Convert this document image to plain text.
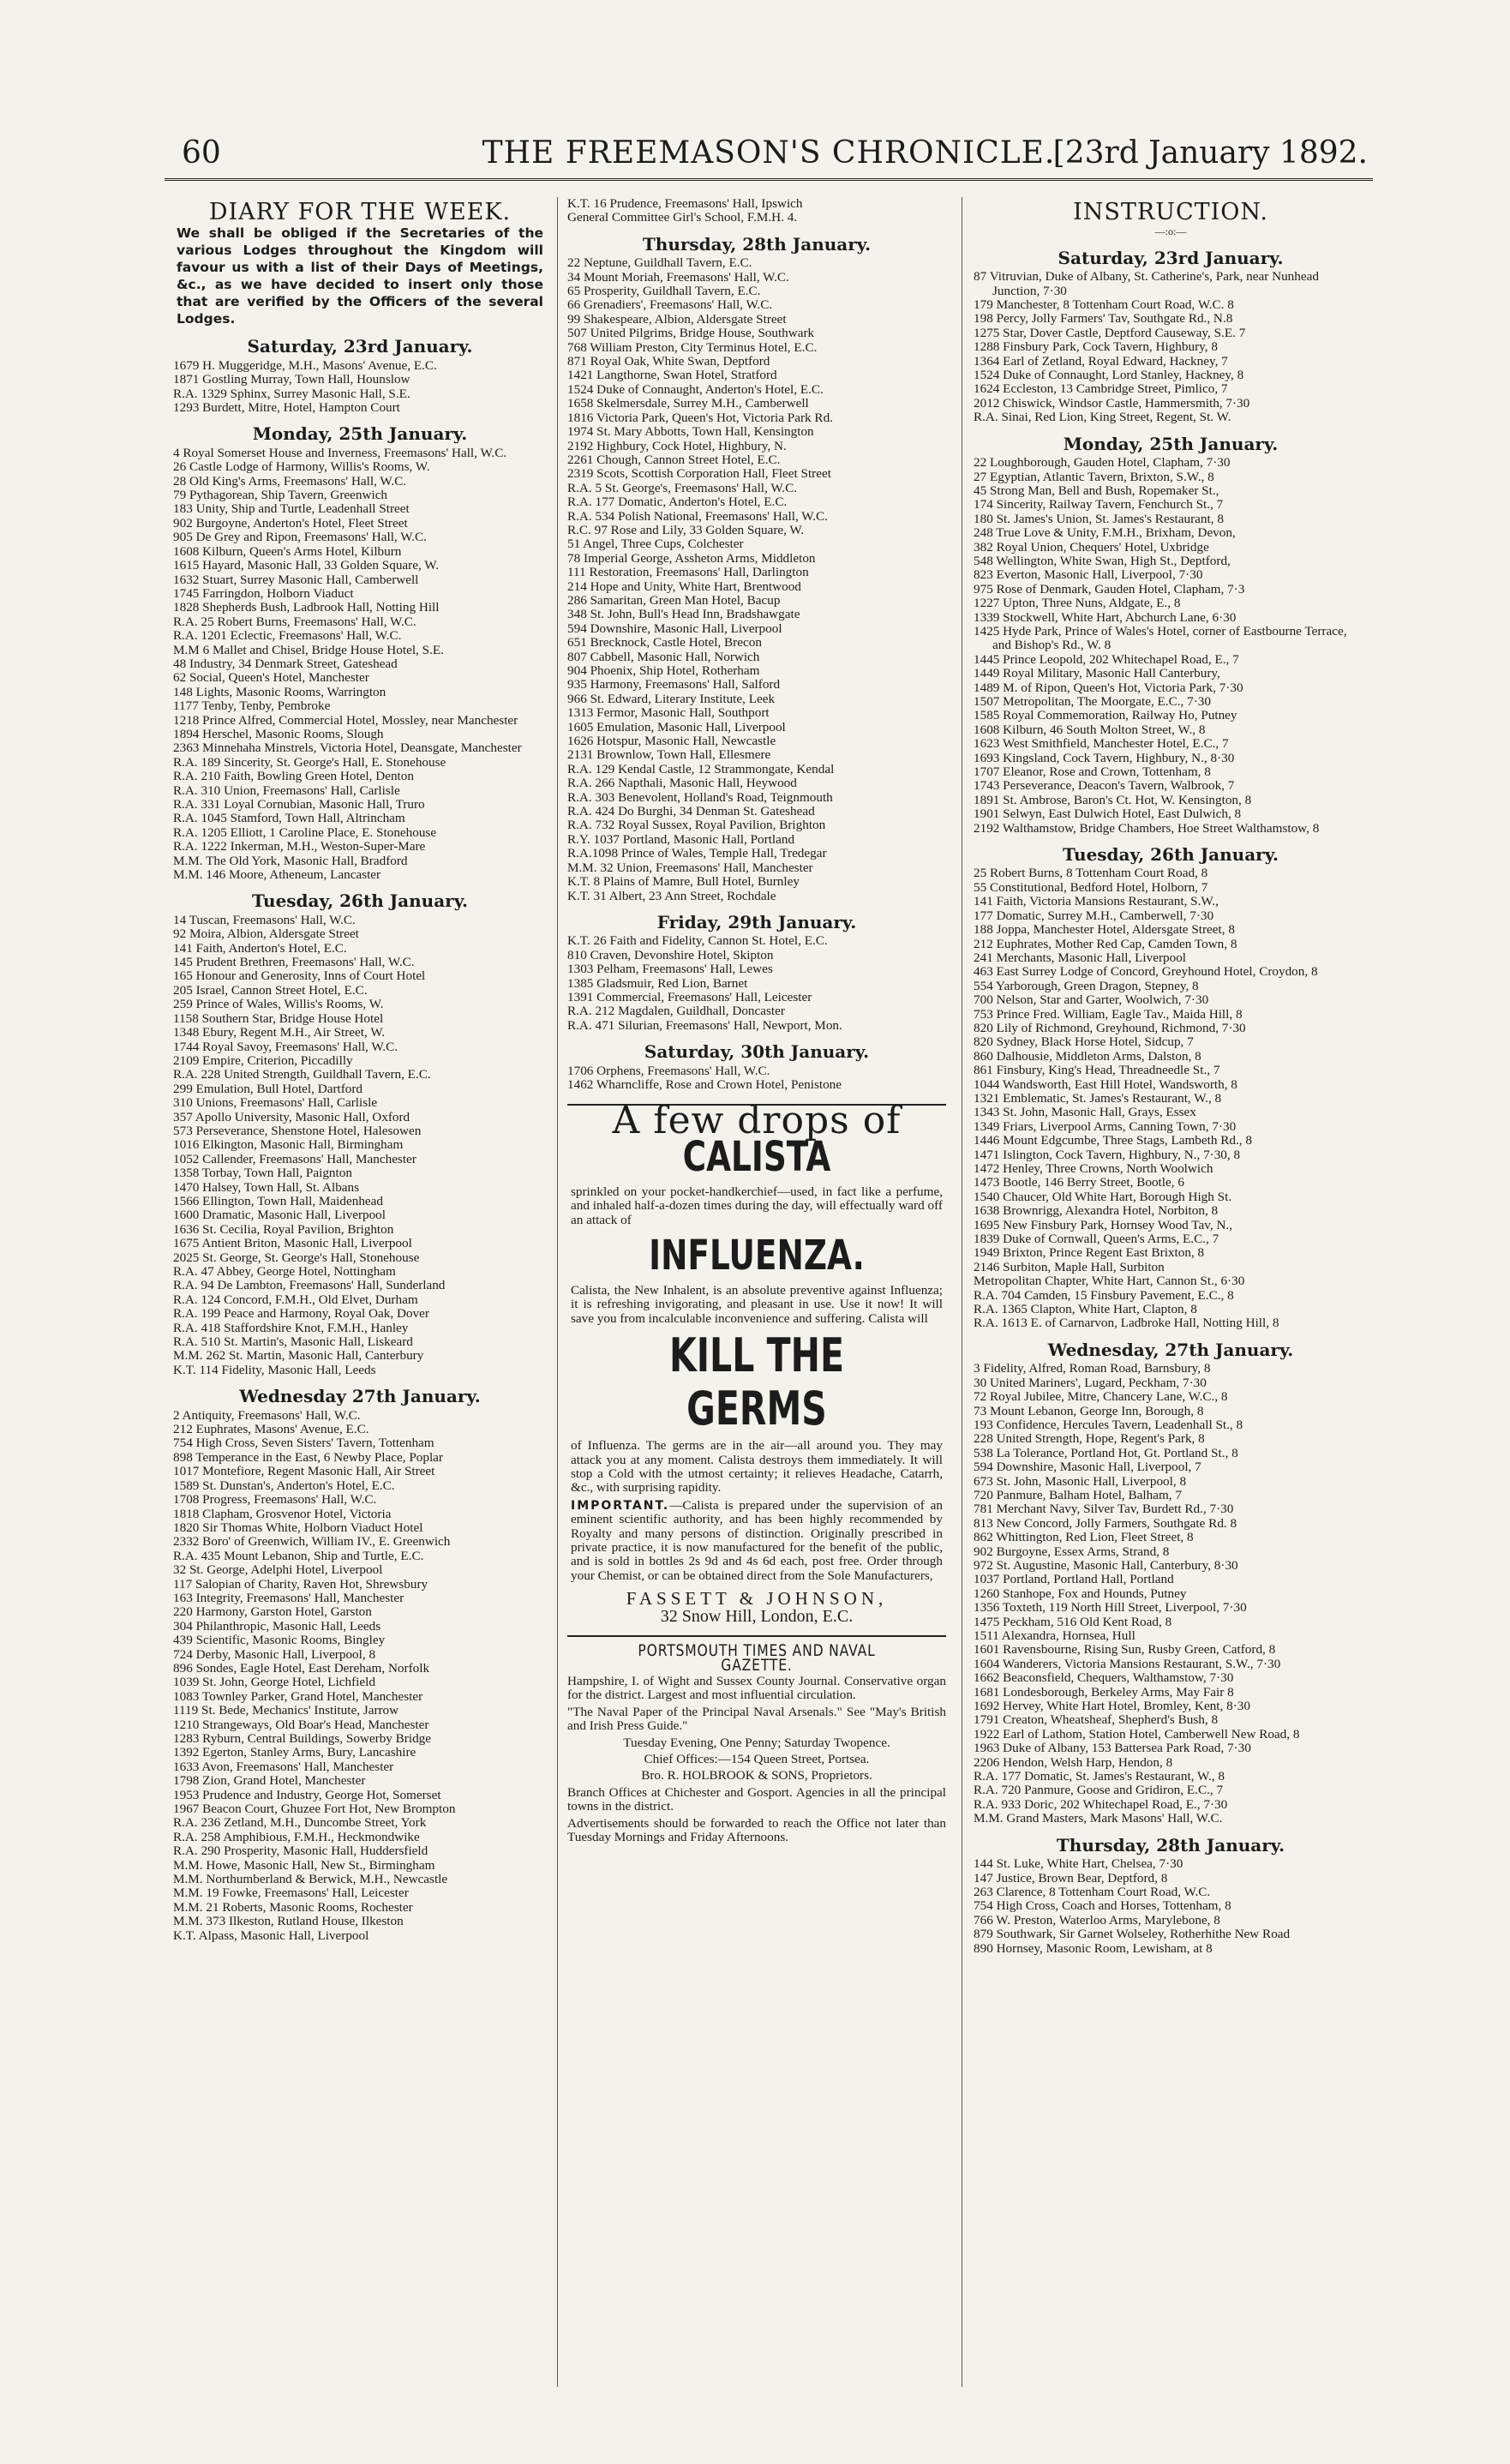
60	THE FREEMASON'S CHRONICLE.
[23rd January 1892.
DIARY FOR THE WEEK.
We shall be obliged if the Secretaries of the various Lodges throughout the Kingdom will favour us with a list of their Days of Meetings, &c., as we have decided to insert only those that are verified by the Officers of the several Lodges.
Saturday, 23rd January.
1679 H. Muggeridge, M.H., Masons' Avenue, E.C.
1871 Gostling Murray, Town Hall, Hounslow
R.A. 1329 Sphinx, Surrey Masonic Hall, S.E.
1293 Burdett, Mitre, Hotel, Hampton Court
Monday, 25th January.
4 Royal Somerset House and Inverness, Freemasons' Hall, W.C.
26 Castle Lodge of Harmony, Willis's Rooms, W.
28 Old King's Arms, Freemasons' Hall, W.C.
79 Pythagorean, Ship Tavern, Greenwich
183 Unity, Ship and Turtle, Leadenhall Street
902 Burgoyne, Anderton's Hotel, Fleet Street
905 De Grey and Ripon, Freemasons' Hall, W.C.
1608 Kilburn, Queen's Arms Hotel, Kilburn
1615 Hayard, Masonic Hall, 33 Golden Square, W.
1632 Stuart, Surrey Masonic Hall, Camberwell
1745 Farringdon, Holborn Viaduct
1828 Shepherds Bush, Ladbrook Hall, Notting Hill
R.A. 25 Robert Burns, Freemasons' Hall, W.C.
R.A. 1201 Eclectic, Freemasons' Hall, W.C.
M.M 6 Mallet and Chisel, Bridge House Hotel, S.E.
48 Industry, 34 Denmark Street, Gateshead
62 Social, Queen's Hotel, Manchester
148 Lights, Masonic Rooms, Warrington
1177 Tenby, Tenby, Pembroke
1218 Prince Alfred, Commercial Hotel, Mossley, near Manchester
1894 Herschel, Masonic Rooms, Slough
2363 Minnehaha Minstrels, Victoria Hotel, Deansgate, Manchester
R.A. 189 Sincerity, St. George's Hall, E. Stonehouse
R.A. 210 Faith, Bowling Green Hotel, Denton
R.A. 310 Union, Freemasons' Hall, Carlisle
R.A. 331 Loyal Cornubian, Masonic Hall, Truro
R.A. 1045 Stamford, Town Hall, Altrincham
R.A. 1205 Elliott, 1 Caroline Place, E. Stonehouse
R.A. 1222 Inkerman, M.H., Weston-Super-Mare
M.M. The Old York, Masonic Hall, Bradford
M.M. 146 Moore, Atheneum, Lancaster
Tuesday, 26th January.
14 Tuscan, Freemasons' Hall, W.C.
92 Moira, Albion, Aldersgate Street
141 Faith, Anderton's Hotel, E.C.
145 Prudent Brethren, Freemasons' Hall, W.C.
165 Honour and Generosity, Inns of Court Hotel
205 Israel, Cannon Street Hotel, E.C.
259 Prince of Wales, Willis's Rooms, W.
1158 Southern Star, Bridge House Hotel
1348 Ebury, Regent M.H., Air Street, W.
1744 Royal Savoy, Freemasons' Hall, W.C.
2109 Empire, Criterion, Piccadilly
R.A. 228 United Strength, Guildhall Tavern, E.C.
299 Emulation, Bull Hotel, Dartford
310 Unions, Freemasons' Hall, Carlisle
357 Apollo University, Masonic Hall, Oxford
573 Perseverance, Shenstone Hotel, Halesowen
1016 Elkington, Masonic Hall, Birmingham
1052 Callender, Freemasons' Hall, Manchester
1358 Torbay, Town Hall, Paignton
1470 Halsey, Town Hall, St. Albans
1566 Ellington, Town Hall, Maidenhead
1600 Dramatic, Masonic Hall, Liverpool
1636 St. Cecilia, Royal Pavilion, Brighton
1675 Antient Briton, Masonic Hall, Liverpool
2025 St. George, St. George's Hall, Stonehouse
R.A. 47 Abbey, George Hotel, Nottingham
R.A. 94 De Lambton, Freemasons' Hall, Sunderland
R.A. 124 Concord, F.M.H., Old Elvet, Durham
R.A. 199 Peace and Harmony, Royal Oak, Dover
R.A. 418 Staffordshire Knot, F.M.H., Hanley
R.A. 510 St. Martin's, Masonic Hall, Liskeard
M.M. 262 St. Martin, Masonic Hall, Canterbury
K.T. 114 Fidelity, Masonic Hall, Leeds
Wednesday 27th January.
2 Antiquity, Freemasons' Hall, W.C.
212 Euphrates, Masons' Avenue, E.C.
754 High Cross, Seven Sisters' Tavern, Tottenham
898 Temperance in the East, 6 Newby Place, Poplar
1017 Montefiore, Regent Masonic Hall, Air Street
1589 St. Dunstan's, Anderton's Hotel, E.C.
1708 Progress, Freemasons' Hall, W.C.
1818 Clapham, Grosvenor Hotel, Victoria
1820 Sir Thomas White, Holborn Viaduct Hotel
2332 Boro' of Greenwich, William IV., E. Greenwich
R.A. 435 Mount Lebanon, Ship and Turtle, E.C.
32 St. George, Adelphi Hotel, Liverpool
117 Salopian of Charity, Raven Hot, Shrewsbury
163 Integrity, Freemasons' Hall, Manchester
220 Harmony, Garston Hotel, Garston
304 Philanthropic, Masonic Hall, Leeds
439 Scientific, Masonic Rooms, Bingley
724 Derby, Masonic Hall, Liverpool, 8
896 Sondes, Eagle Hotel, East Dereham, Norfolk
1039 St. John, George Hotel, Lichfield
1083 Townley Parker, Grand Hotel, Manchester
1119 St. Bede, Mechanics' Institute, Jarrow
1210 Strangeways, Old Boar's Head, Manchester
1283 Ryburn, Central Buildings, Sowerby Bridge
1392 Egerton, Stanley Arms, Bury, Lancashire
1633 Avon, Freemasons' Hall, Manchester
1798 Zion, Grand Hotel, Manchester
1953 Prudence and Industry, George Hot, Somerset
1967 Beacon Court, Ghuzee Fort Hot, New Brompton
R.A. 236 Zetland, M.H., Duncombe Street, York
R.A. 258 Amphibious, F.M.H., Heckmondwike
R.A. 290 Prosperity, Masonic Hall, Huddersfield
M.M. Howe, Masonic Hall, New St., Birmingham
M.M. Northumberland & Berwick, M.H., Newcastle
M.M. 19 Fowke, Freemasons' Hall, Leicester
M.M. 21 Roberts, Masonic Rooms, Rochester
M.M. 373 Ilkeston, Rutland House, Ilkeston
K.T. Alpass, Masonic Hall, Liverpool
K.T. 16 Prudence, Freemasons' Hall, Ipswich
General Committee Girl's School, F.M.H. 4.
Thursday, 28th January.
22 Neptune, Guildhall Tavern, E.C.
34 Mount Moriah, Freemasons' Hall, W.C.
65 Prosperity, Guildhall Tavern, E.C.
66 Grenadiers', Freemasons' Hall, W.C.
99 Shakespeare, Albion, Aldersgate Street
507 United Pilgrims, Bridge House, Southwark
768 William Preston, City Terminus Hotel, E.C.
871 Royal Oak, White Swan, Deptford
1421 Langthorne, Swan Hotel, Stratford
1524 Duke of Connaught, Anderton's Hotel, E.C.
1658 Skelmersdale, Surrey M.H., Camberwell
1816 Victoria Park, Queen's Hot, Victoria Park Rd.
1974 St. Mary Abbotts, Town Hall, Kensington
2192 Highbury, Cock Hotel, Highbury, N.
2261 Chough, Cannon Street Hotel, E.C.
2319 Scots, Scottish Corporation Hall, Fleet Street
R.A. 5 St. George's, Freemasons' Hall, W.C.
R.A. 177 Domatic, Anderton's Hotel, E.C.
R.A. 534 Polish National, Freemasons' Hall, W.C.
R.C. 97 Rose and Lily, 33 Golden Square, W.
51 Angel, Three Cups, Colchester
78 Imperial George, Assheton Arms, Middleton
111 Restoration, Freemasons' Hall, Darlington
214 Hope and Unity, White Hart, Brentwood
286 Samaritan, Green Man Hotel, Bacup
348 St. John, Bull's Head Inn, Bradshawgate
594 Downshire, Masonic Hall, Liverpool
651 Brecknock, Castle Hotel, Brecon
807 Cabbell, Masonic Hall, Norwich
904 Phoenix, Ship Hotel, Rotherham
935 Harmony, Freemasons' Hall, Salford
966 St. Edward, Literary Institute, Leek
1313 Fermor, Masonic Hall, Southport
1605 Emulation, Masonic Hall, Liverpool
1626 Hotspur, Masonic Hall, Newcastle
2131 Brownlow, Town Hall, Ellesmere
R.A. 129 Kendal Castle, 12 Strammongate, Kendal
R.A. 266 Napthali, Masonic Hall, Heywood
R.A. 303 Benevolent, Holland's Road, Teignmouth
R.A. 424 Do Burghi, 34 Denman St. Gateshead
R.A. 732 Royal Sussex, Royal Pavilion, Brighton
R.Y. 1037 Portland, Masonic Hall, Portland
R.A.1098 Prince of Wales, Temple Hall, Tredegar
M.M. 32 Union, Freemasons' Hall, Manchester
K.T. 8 Plains of Mamre, Bull Hotel, Burnley
K.T. 31 Albert, 23 Ann Street, Rochdale
Friday, 29th January.
K.T. 26 Faith and Fidelity, Cannon St. Hotel, E.C.
810 Craven, Devonshire Hotel, Skipton
1303 Pelham, Freemasons' Hall, Lewes
1385 Gladsmuir, Red Lion, Barnet
1391 Commercial, Freemasons' Hall, Leicester
R.A. 212 Magdalen, Guildhall, Doncaster
R.A. 471 Silurian, Freemasons' Hall, Newport, Mon.
Saturday, 30th January.
1706 Orphens, Freemasons' Hall, W.C.
1462 Wharncliffe, Rose and Crown Hotel, Penistone
A few drops of
CALISTA

sprinkled on your pocket-handkerchief—used, in fact like a perfume, and inhaled half-a-dozen times during the day, will effectually ward off an attack of

INFLUENZA.

Calista, the New Inhalent, is an absolute preventive against Influenza; it is refreshing invigorating, and pleasant in use. Use it now! It will save you from incalculable inconvenience and suffering. Calista will

KILL THE GERMS

of Influenza. The germs are in the air—all around you. They may attack you at any moment. Calista destroys them immediately. It will stop a Cold with the utmost certainty; it relieves Headache, Catarrh, &c., with surprising rapidity.

IMPORTANT.—Calista is prepared under the supervision of an eminent scientific authority, and has been highly recommended by Royalty and many persons of distinction. Originally prescribed in private practice, it is now manufactured for the benefit of the public, and is sold in bottles 2s 9d and 4s 6d each, post free. Order through your Chemist, or can be obtained direct from the Sole Manufacturers,

FASSETT & JOHNSON,
32 Snow Hill, London, E.C.
PORTSMOUTH TIMES AND NAVAL GAZETTE.

Hampshire, I. of Wight and Sussex County Journal. Conservative organ for the district. Largest and most influential circulation.

"The Naval Paper of the Principal Naval Arsenals." See "May's British and Irish Press Guide."

Tuesday Evening, One Penny; Saturday Twopence.

Chief Offices:—154 Queen Street, Portsea.

Bro. R. HOLBROOK & SONS, Proprietors.

Branch Offices at Chichester and Gosport. Agencies in all the principal towns in the district.

Advertisements should be forwarded to reach the Office not later than Tuesday Mornings and Friday Afternoons.

INSTRUCTION.
—:o:—
Saturday, 23rd January.
87 Vitruvian, Duke of Albany, St. Catherine's, Park, near Nunhead Junction, 7·30
179 Manchester, 8 Tottenham Court Road, W.C. 8
198 Percy, Jolly Farmers' Tav, Southgate Rd., N.8
1275 Star, Dover Castle, Deptford Causeway, S.E. 7
1288 Finsbury Park, Cock Tavern, Highbury, 8
1364 Earl of Zetland, Royal Edward, Hackney, 7
1524 Duke of Connaught, Lord Stanley, Hackney, 8
1624 Eccleston, 13 Cambridge Street, Pimlico, 7
2012 Chiswick, Windsor Castle, Hammersmith, 7·30
R.A. Sinai, Red Lion, King Street, Regent, St. W.
Monday, 25th January.
22 Loughborough, Gauden Hotel, Clapham, 7·30
27 Egyptian, Atlantic Tavern, Brixton, S.W., 8
45 Strong Man, Bell and Bush, Ropemaker St.,
174 Sincerity, Railway Tavern, Fenchurch St., 7
180 St. James's Union, St. James's Restaurant, 8
248 True Love & Unity, F.M.H., Brixham, Devon,
382 Royal Union, Chequers' Hotel, Uxbridge
548 Wellington, White Swan, High St., Deptford,
823 Everton, Masonic Hall, Liverpool, 7·30
975 Rose of Denmark, Gauden Hotel, Clapham, 7·3
1227 Upton, Three Nuns, Aldgate, E., 8
1339 Stockwell, White Hart, Abchurch Lane, 6·30
1425 Hyde Park, Prince of Wales's Hotel, corner of Eastbourne Terrace, and Bishop's Rd., W. 8
1445 Prince Leopold, 202 Whitechapel Road, E., 7
1449 Royal Military, Masonic Hall Canterbury,
1489 M. of Ripon, Queen's Hot, Victoria Park, 7·30
1507 Metropolitan, The Moorgate, E.C., 7·30
1585 Royal Commemoration, Railway Ho, Putney
1608 Kilburn, 46 South Molton Street, W., 8
1623 West Smithfield, Manchester Hotel, E.C., 7
1693 Kingsland, Cock Tavern, Highbury, N., 8·30
1707 Eleanor, Rose and Crown, Tottenham, 8
1743 Perseverance, Deacon's Tavern, Walbrook, 7
1891 St. Ambrose, Baron's Ct. Hot, W. Kensington, 8
1901 Selwyn, East Dulwich Hotel, East Dulwich, 8
2192 Walthamstow, Bridge Chambers, Hoe Street Walthamstow, 8
Tuesday, 26th January.
25 Robert Burns, 8 Tottenham Court Road, 8
55 Constitutional, Bedford Hotel, Holborn, 7
141 Faith, Victoria Mansions Restaurant, S.W.,
177 Domatic, Surrey M.H., Camberwell, 7·30
188 Joppa, Manchester Hotel, Aldersgate Street, 8
212 Euphrates, Mother Red Cap, Camden Town, 8
241 Merchants, Masonic Hall, Liverpool
463 East Surrey Lodge of Concord, Greyhound Hotel, Croydon, 8
554 Yarborough, Green Dragon, Stepney, 8
700 Nelson, Star and Garter, Woolwich, 7·30
753 Prince Fred. William, Eagle Tav., Maida Hill, 8
820 Lily of Richmond, Greyhound, Richmond, 7·30
820 Sydney, Black Horse Hotel, Sidcup, 7
860 Dalhousie, Middleton Arms, Dalston, 8
861 Finsbury, King's Head, Threadneedle St., 7
1044 Wandsworth, East Hill Hotel, Wandsworth, 8
1321 Emblematic, St. James's Restaurant, W., 8
1343 St. John, Masonic Hall, Grays, Essex
1349 Friars, Liverpool Arms, Canning Town, 7·30
1446 Mount Edgcumbe, Three Stags, Lambeth Rd., 8
1471 Islington, Cock Tavern, Highbury, N., 7·30, 8
1472 Henley, Three Crowns, North Woolwich
1473 Bootle, 146 Berry Street, Bootle, 6
1540 Chaucer, Old White Hart, Borough High St.
1638 Brownrigg, Alexandra Hotel, Norbiton, 8
1695 New Finsbury Park, Hornsey Wood Tav, N.,
1839 Duke of Cornwall, Queen's Arms, E.C., 7
1949 Brixton, Prince Regent East Brixton, 8
2146 Surbiton, Maple Hall, Surbiton
Metropolitan Chapter, White Hart, Cannon St., 6·30
R.A. 704 Camden, 15 Finsbury Pavement, E.C., 8
R.A. 1365 Clapton, White Hart, Clapton, 8
R.A. 1613 E. of Carnarvon, Ladbroke Hall, Notting Hill, 8
Wednesday, 27th January.
3 Fidelity, Alfred, Roman Road, Barnsbury, 8
30 United Mariners', Lugard, Peckham, 7·30
72 Royal Jubilee, Mitre, Chancery Lane, W.C., 8
73 Mount Lebanon, George Inn, Borough, 8
193 Confidence, Hercules Tavern, Leadenhall St., 8
228 United Strength, Hope, Regent's Park, 8
538 La Tolerance, Portland Hot, Gt. Portland St., 8
594 Downshire, Masonic Hall, Liverpool, 7
673 St. John, Masonic Hall, Liverpool, 8
720 Panmure, Balham Hotel, Balham, 7
781 Merchant Navy, Silver Tav, Burdett Rd., 7·30
813 New Concord, Jolly Farmers, Southgate Rd. 8
862 Whittington, Red Lion, Fleet Street, 8
902 Burgoyne, Essex Arms, Strand, 8
972 St. Augustine, Masonic Hall, Canterbury, 8·30
1037 Portland, Portland Hall, Portland
1260 Stanhope, Fox and Hounds, Putney
1356 Toxteth, 119 North Hill Street, Liverpool, 7·30
1475 Peckham, 516 Old Kent Road, 8
1511 Alexandra, Hornsea, Hull
1601 Ravensbourne, Rising Sun, Rusby Green, Catford, 8
1604 Wanderers, Victoria Mansions Restaurant, S.W., 7·30
1662 Beaconsfield, Chequers, Walthamstow, 7·30
1681 Londesborough, Berkeley Arms, May Fair 8
1692 Hervey, White Hart Hotel, Bromley, Kent, 8·30
1791 Creaton, Wheatsheaf, Shepherd's Bush, 8
1922 Earl of Lathom, Station Hotel, Camberwell New Road, 8
1963 Duke of Albany, 153 Battersea Park Road, 7·30
2206 Hendon, Welsh Harp, Hendon, 8
R.A. 177 Domatic, St. James's Restaurant, W., 8
R.A. 720 Panmure, Goose and Gridiron, E.C., 7
R.A. 933 Doric, 202 Whitechapel Road, E., 7·30
M.M. Grand Masters, Mark Masons' Hall, W.C.
Thursday, 28th January.
144 St. Luke, White Hart, Chelsea, 7·30
147 Justice, Brown Bear, Deptford, 8
263 Clarence, 8 Tottenham Court Road, W.C.
754 High Cross, Coach and Horses, Tottenham, 8
766 W. Preston, Waterloo Arms, Marylebone, 8
879 Southwark, Sir Garnet Wolseley, Rotherhithe New Road
890 Hornsey, Masonic Room, Lewisham, at 8
